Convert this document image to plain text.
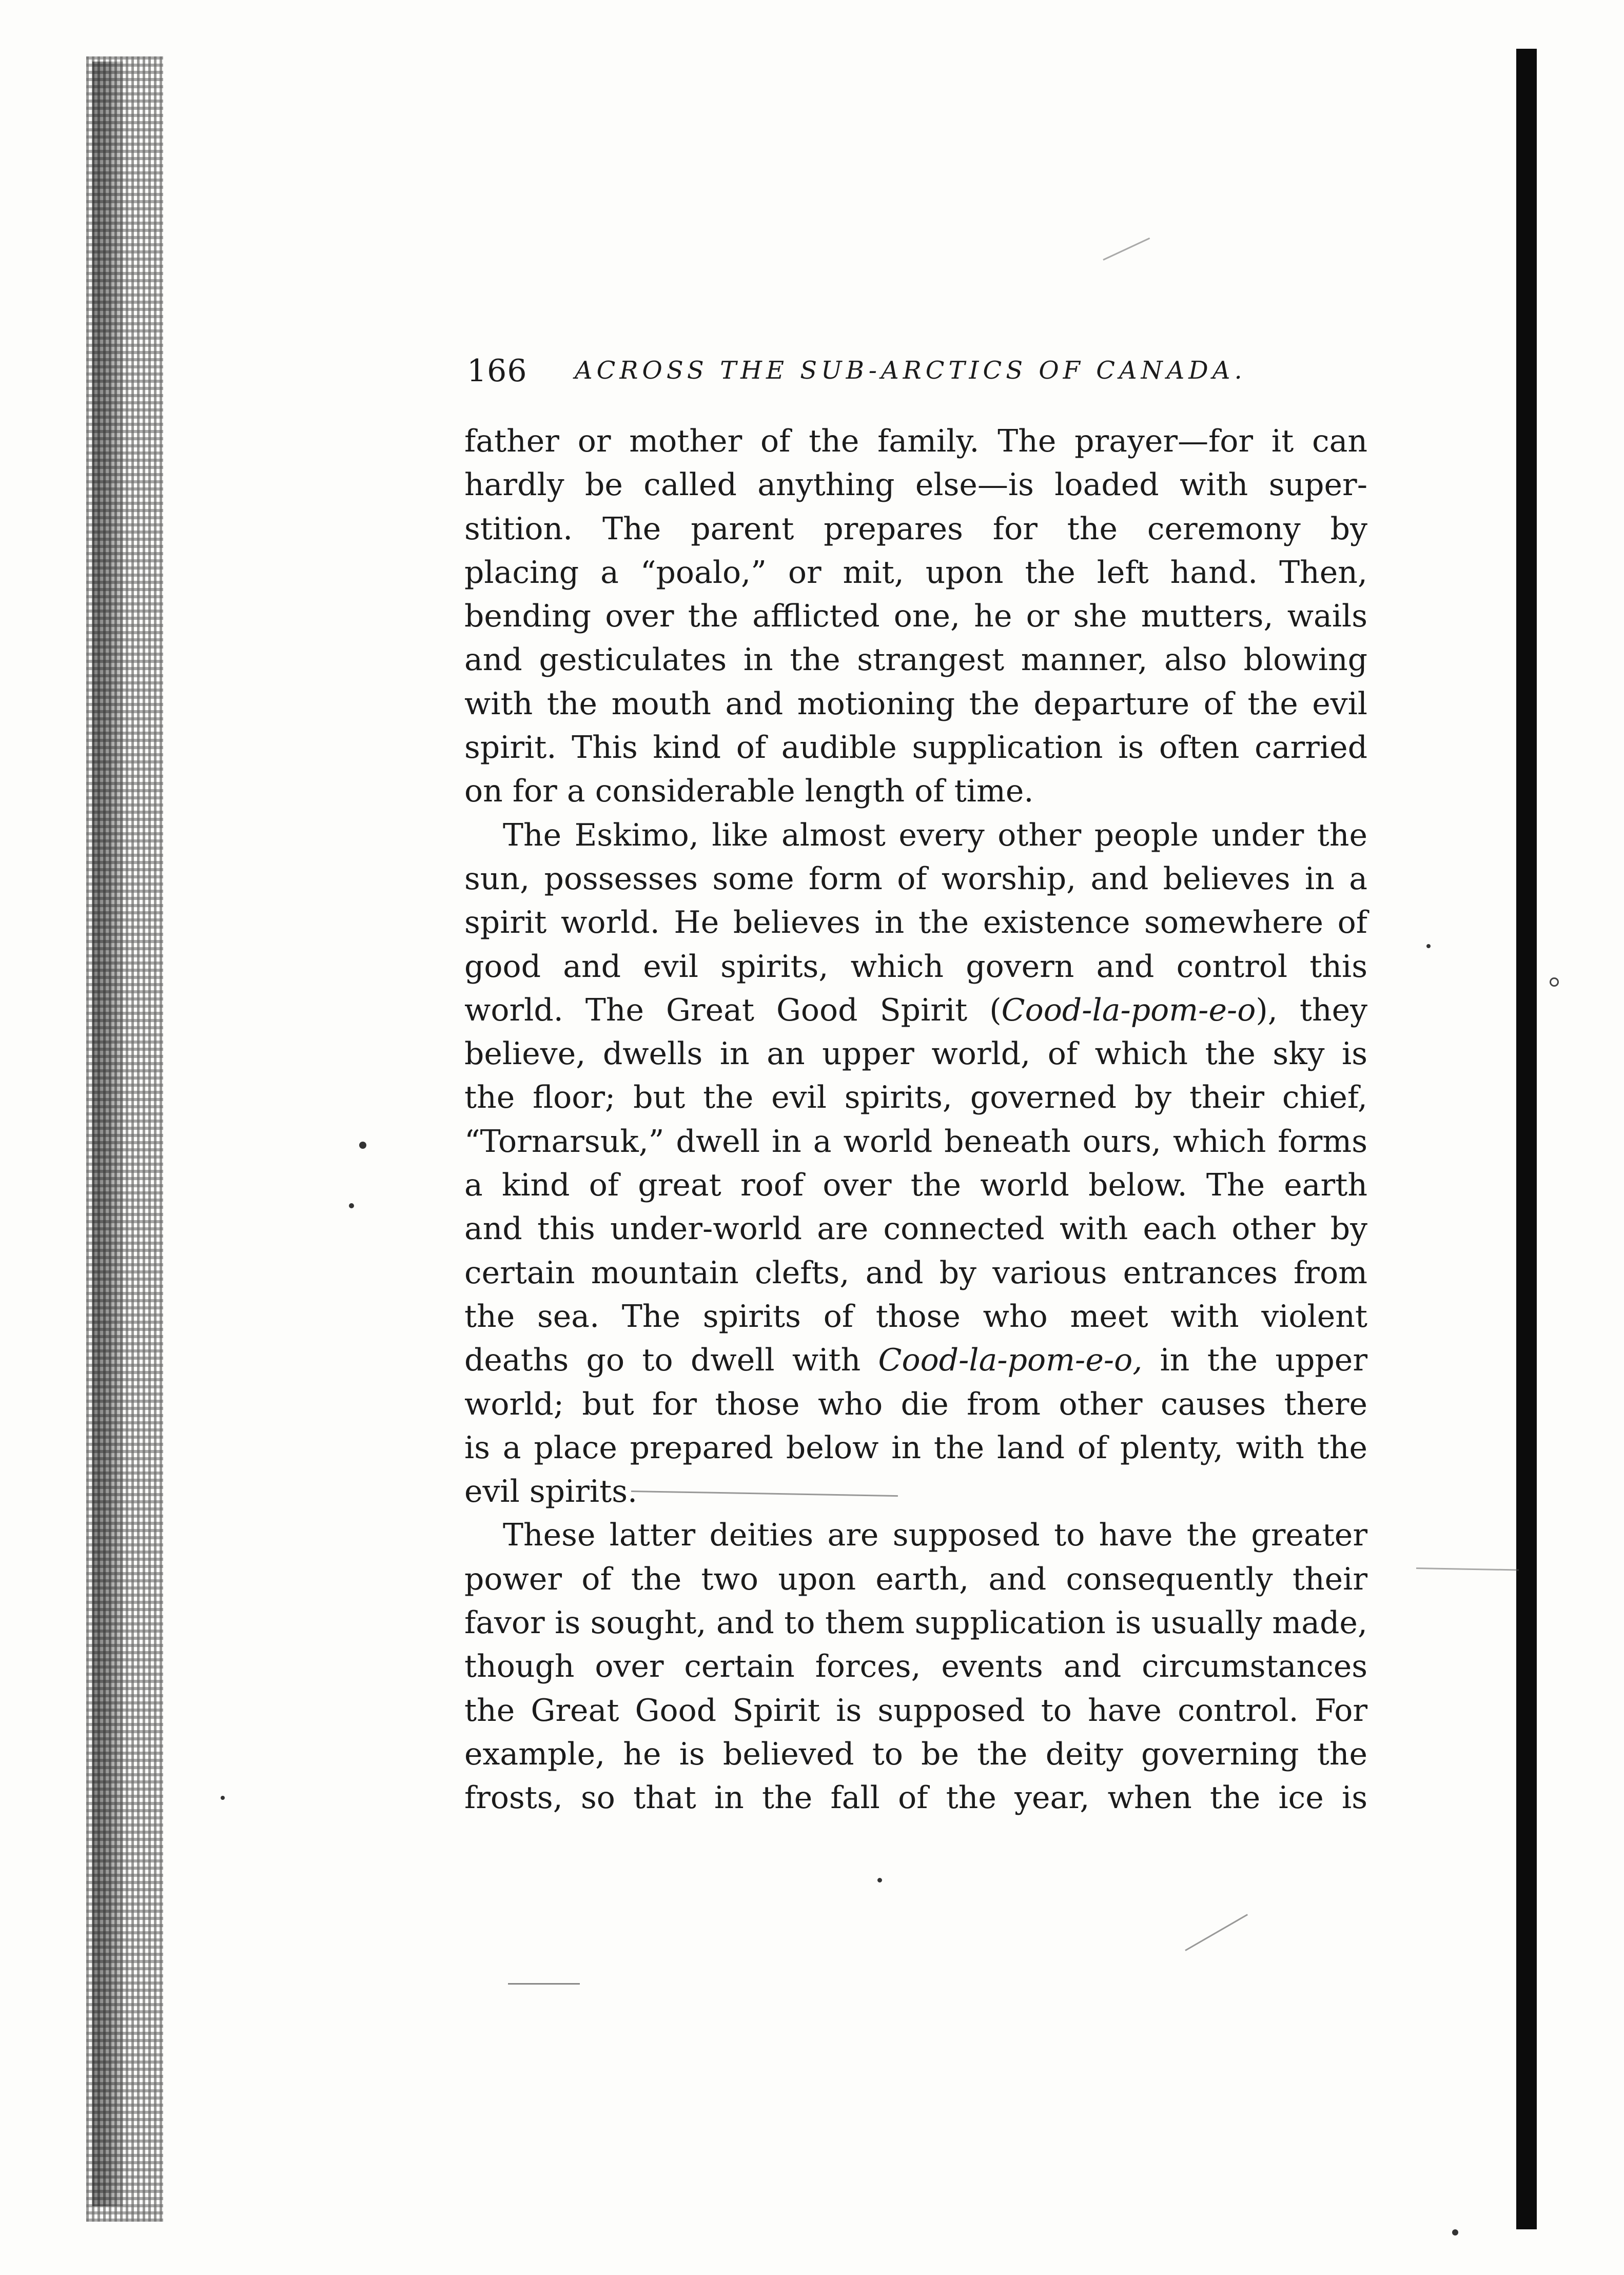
166 ACROSS THE SUB-ARCTICS OF CANADA.
father or mother of the family. The prayer—for it can
hardly be called anything else—is loaded with super-
stition. The parent prepares for the ceremony by
placing a “poalo,” or mit, upon the left hand. Then,
bending over the afflicted one, he or she mutters, wails
and gesticulates in the strangest manner, also blowing
with the mouth and motioning the departure of the evil
spirit. This kind of audible supplication is often carried
on for a considerable length of time.
The Eskimo, like almost every other people under the
sun, possesses some form of worship, and believes in a
spirit world. He believes in the existence somewhere of
good and evil spirits, which govern and control this
world. The Great Good Spirit (Cood-la-pom-e-o), they
believe, dwells in an upper world, of which the sky is
the floor; but the evil spirits, governed by their chief,
“Tornarsuk,” dwell in a world beneath ours, which forms
a kind of great roof over the world below. The earth
and this under-world are connected with each other by
certain mountain clefts, and by various entrances from
the sea. The spirits of those who meet with violent
deaths go to dwell with Cood-la-pom-e-o, in the upper
world; but for those who die from other causes there
is a place prepared below in the land of plenty, with the
evil spirits.
These latter deities are supposed to have the greater
power of the two upon earth, and consequently their
favor is sought, and to them supplication is usually made,
though over certain forces, events and circumstances
the Great Good Spirit is supposed to have control. For
example, he is believed to be the deity governing the
frosts, so that in the fall of the year, when the ice is
